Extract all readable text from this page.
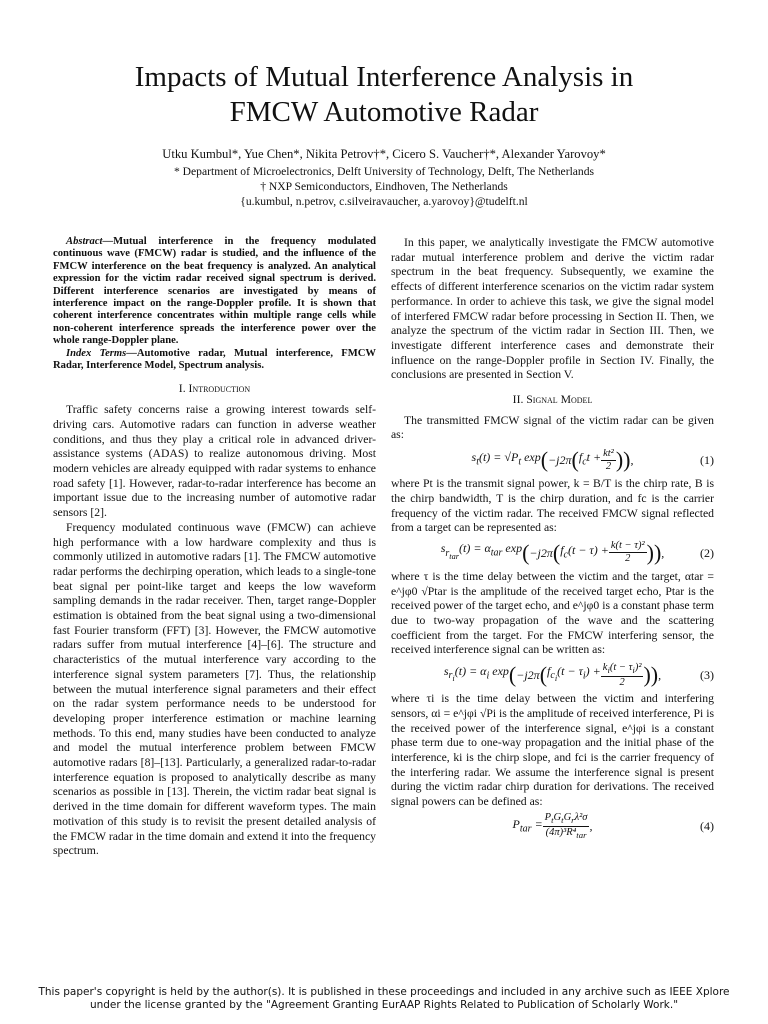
Impacts of Mutual Interference Analysis in
FMCW Automotive Radar
Utku Kumbul*, Yue Chen*, Nikita Petrov†*, Cicero S. Vaucher†*, Alexander Yarovoy*
* Department of Microelectronics, Delft University of Technology, Delft, The Netherlands
† NXP Semiconductors, Eindhoven, The Netherlands
{u.kumbul, n.petrov, c.silveiravaucher, a.yarovoy}@tudelft.nl

Abstract—Mutual interference in the frequency modulated continuous wave (FMCW) radar is studied, and the influence of the FMCW interference on the beat frequency is analyzed. An analytical expression for the victim radar received signal spectrum is derived. Different interference scenarios are investigated by means of interference impact on the range-Doppler profile. It is shown that coherent interference concentrates within multiple range cells while non-coherent interference spreads the interference power over the whole range-Doppler plane.

Index Terms—Automotive radar, Mutual interference, FMCW Radar, Interference Model, Spectrum analysis.

I. Introduction

Traffic safety concerns raise a growing interest towards self-driving cars. Automotive radars can function in adverse weather conditions, and thus they play a critical role in advanced driver-assistance systems (ADAS) to realize autonomous driving. Most modern vehicles are already equipped with radar systems to enhance road safety [1]. However, radar-to-radar interference has become an important issue due to the increasing number of automotive radar sensors [2].

Frequency modulated continuous wave (FMCW) can achieve high performance with a low hardware complexity and thus is commonly utilized in automotive radars [1]. The FMCW automotive radar performs the dechirping operation, which leads to a single-tone beat signal per point-like target and keeps the low waveform sampling demands in the radar receiver. Then, target range-Doppler estimation is obtained from the beat signal using a two-dimensional fast Fourier transform (FFT) [3]. However, the FMCW automotive radars suffer from mutual interference [4]–[6]. The structure and characteristics of the mutual interference vary according to the interference signal system parameters [7]. Thus, the relationship between the mutual interference signal parameters and their effect on the radar system performance needs to be understood for developing proper interference estimation or machine learning methods. To this end, many studies have been conducted to analyze and model the mutual interference problem between FMCW automotive radars [8]–[13]. Particularly, a generalized radar-to-radar interference equation is proposed to analytically describe as many scenarios as possible in [13]. Therein, the victim radar beat signal is derived in the time domain for different waveform types. The main motivation of this study is to revisit the present detailed analysis of the FMCW radar in the time domain and extend it into the frequency spectrum.

In this paper, we analytically investigate the FMCW automotive radar mutual interference problem and derive the victim radar spectrum in the beat frequency. Subsequently, we examine the effects of different interference scenarios on the victim radar system performance. In order to achieve this task, we give the signal model of interfered FMCW radar before processing in Section II. Then, we analyze the spectrum of the victim radar in Section III. Then, we investigate different interference cases and demonstrate their influence on the range-Doppler profile in Section IV. Finally, the conclusions are presented in Section V.

II. Signal Model

The transmitted FMCW signal of the victim radar can be given as:

$s_t(t) = √P_t$ exp ( −j2π ( $f_ct + \frac{\text{kt²}}{2}$ )) ,	(1)

where Pt is the transmit signal power, k = B/T is the chirp rate, B is the chirp bandwidth, T is the chirp duration, and fc is the carrier frequency of the victim radar. The received FMCW signal reflected from a target can be represented as:

$s_{r_{tar}}(t) = \alpha_{tar}$ exp ( −j2π ( $f_c(t - \tau) + \frac{\text{k(t − τ)²}}{2}$ )) ,	(2)

where τ is the time delay between the victim and the target, αtar = e^jφ0 √Ptar is the amplitude of the received target echo, Ptar is the received power of the target echo, and e^jφ0 is a constant phase term due to two-way propagation of the wave and the scattering coefficient from the target. For the FMCW interfering sensor, the received interference signal can be written as:

$s_{r_i}(t) = \alpha_i$ exp ( −j2π ( $f_{c_i}(t - \tau_i) + \frac{k_i(t - \tau_i)^2}{2}$ )) ,	(3)

where τi is the time delay between the victim and interfering sensors, αi = e^jφi √Pi is the amplitude of received interference, Pi is the received power of the interference signal, e^jφi is a constant phase term due to one-way propagation and the initial phase of the interference, ki is the chirp slope, and fci is the carrier frequency of the interfering radar. We assume the interference signal is present during the victim radar chirp duration for derivations. The received signal powers can be defined as:

$P_{tar} = \frac{P_tG_tG_r\lambda^2\sigma}{(4\pi)^3R^4_{tar}}$ ,	(4)
This paper's copyright is held by the author(s). It is published in these proceedings and included in any archive such as IEEE Xplore
under the license granted by the "Agreement Granting EurAAP Rights Related to Publication of Scholarly Work."
